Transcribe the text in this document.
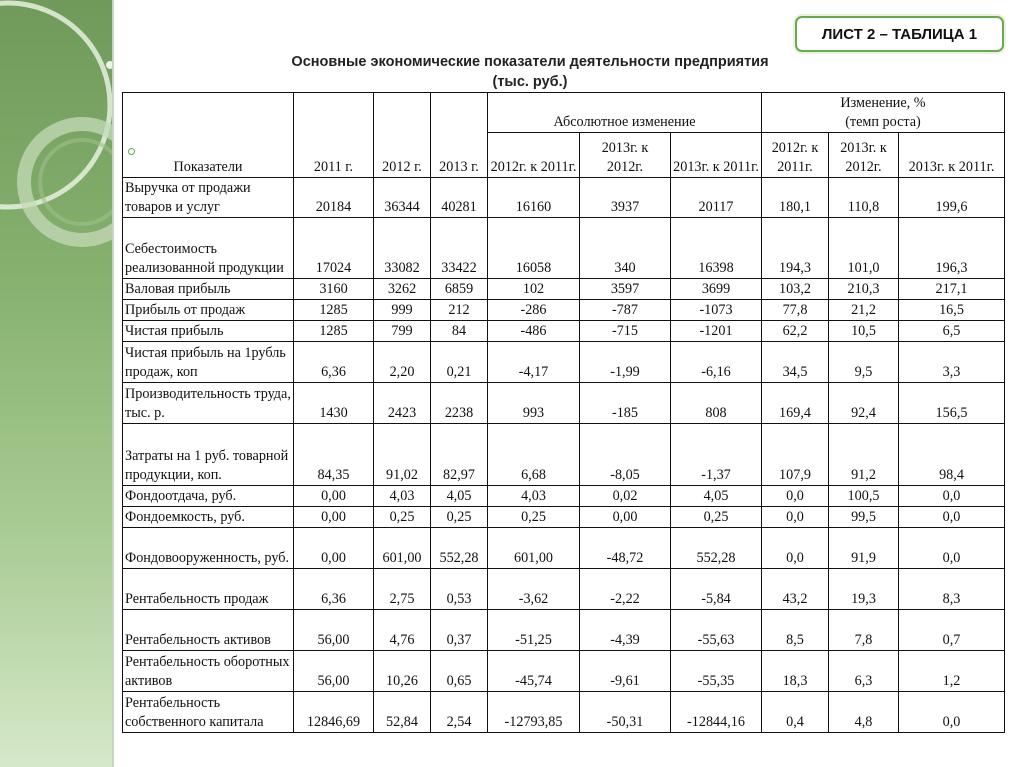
ЛИСТ 2 – ТАБЛИЦА 1
Основные экономические показатели деятельности предприятия
(тыс. руб.)
Показатели	2011 г.	2012 г.	2013 г.	Абсолютное изменение			Изменение, %
(темп роста)		

				2012г. к 2011г.	2013г. к 2012г.	2013г. к 2011г.	2012г. к 2011г.	2013г. к 2012г.	2013г. к 2011г.
Выручка от продажи товаров и услуг	20184	36344	40281	16160	3937	20117	180,1	110,8	199,6
Себестоимость реализованной продукции	17024	33082	33422	16058	340	16398	194,3	101,0	196,3
Валовая прибыль	3160	3262	6859	102	3597	3699	103,2	210,3	217,1
Прибыль от продаж	1285	999	212	-286	-787	-1073	77,8	21,2	16,5
Чистая прибыль	1285	799	84	-486	-715	-1201	62,2	10,5	6,5
Чистая прибыль на 1рубль продаж, коп	6,36	2,20	0,21	-4,17	-1,99	-6,16	34,5	9,5	3,3
Производительность труда, тыс. р.	1430	2423	2238	993	-185	808	169,4	92,4	156,5
Затраты на 1 руб. товарной продукции, коп.	84,35	91,02	82,97	6,68	-8,05	-1,37	107,9	91,2	98,4
Фондоотдача, руб.	0,00	4,03	4,05	4,03	0,02	4,05	0,0	100,5	0,0
Фондоемкость, руб.	0,00	0,25	0,25	0,25	0,00	0,25	0,0	99,5	0,0
Фондовооруженность, руб.	0,00	601,00	552,28	601,00	-48,72	552,28	0,0	91,9	0,0
Рентабельность продаж	6,36	2,75	0,53	-3,62	-2,22	-5,84	43,2	19,3	8,3
Рентабельность активов	56,00	4,76	0,37	-51,25	-4,39	-55,63	8,5	7,8	0,7
Рентабельность оборотных активов	56,00	10,26	0,65	-45,74	-9,61	-55,35	18,3	6,3	1,2
Рентабельность собственного капитала	12846,69	52,84	2,54	-12793,85	-50,31	-12844,16	0,4	4,8	0,0
